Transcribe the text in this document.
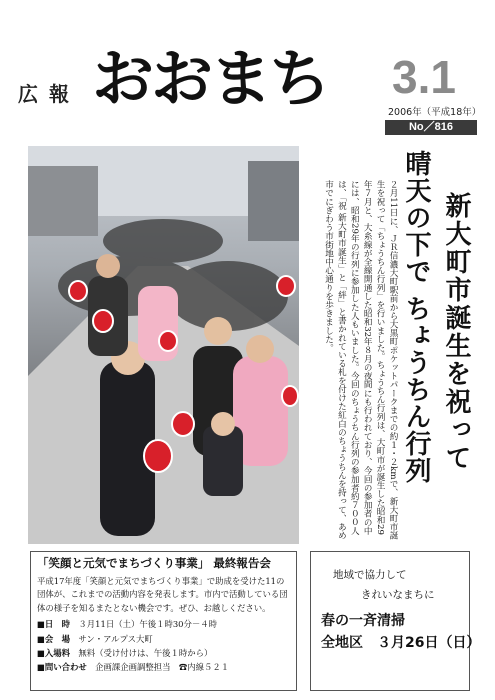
広 報 おおまち 3.1
2006年（平成18年）
No／816
新大町市誕生を祝って
晴天の下で ちょうちん行列
２月11日に、ＪＲ信濃大町駅前から大黒町ポケットパークまでの約１・２kmで、新大町市誕生を祝って「ちょうちん行列」を行いました。ちょうちん行列は、大町市が誕生した昭和29年７月と、大糸線が全線開通した昭和32年８月の夜間にも行われており、今回の参加者の中には、昭和29年の行列に参加した人もいました。今回のちょうちん行列の参加者約７００人は、「祝 新大町市誕生」と「絆」と書かれている札を付けた紅白のちょうちんを持って、あめ市でにぎわう市街地中心通りを歩きました。
「笑顔と元気でまちづくり事業」 最終報告会
平成17年度「笑顔と元気でまちづくり事業」で助成を受けた11の団体が、これまでの活動内容を発表します。市内で活動している団体の様子を知るまたとない機会です。ぜひ、お越しください。
■日　時　 ３月11日（土）午後１時30分－４時
■会　場　 サン・アルプス大町
■入場料　 無料（受け付けは、午後１時から）
■問い合わせ　 企画課企画調整担当　☎内線５２１
地域で協力して
きれいなまちに
春の一斉清掃
全地区　３月26日（日）
